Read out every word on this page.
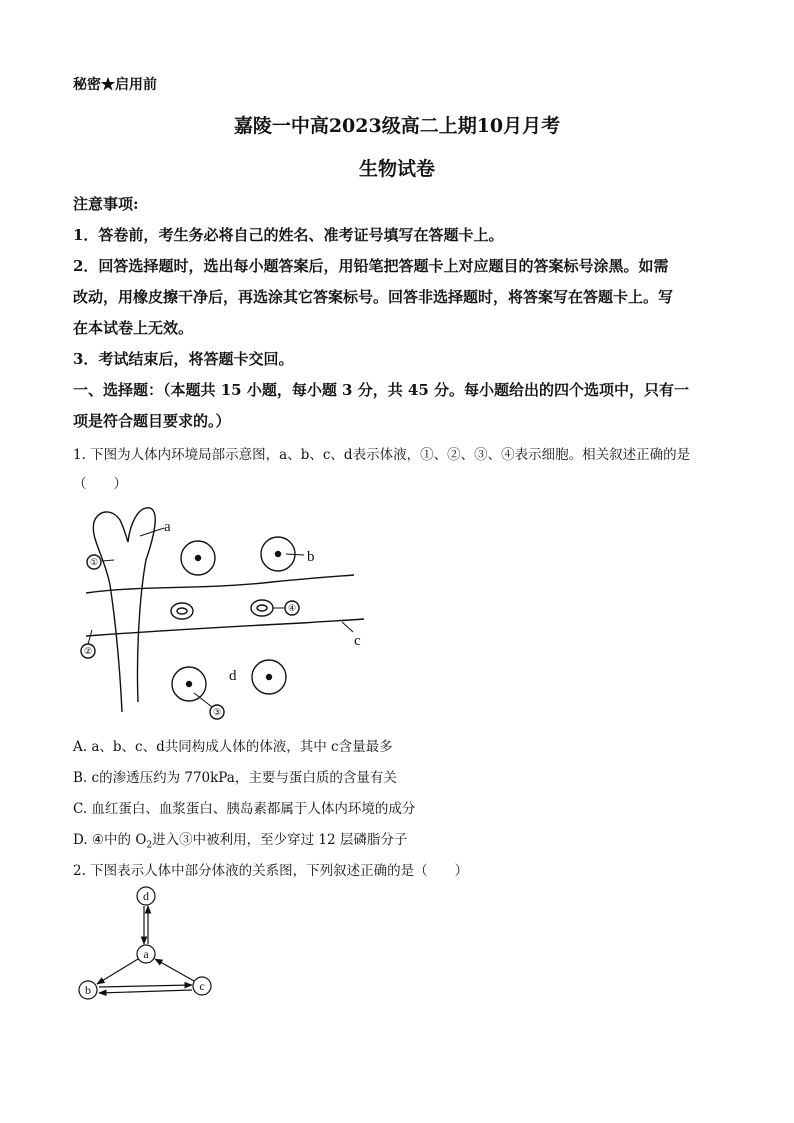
秘密★启用前
嘉陵一中高2023级高二上期10月月考
生物试卷
注意事项:
1．答卷前，考生务必将自己的姓名、准考证号填写在答题卡上。
2．回答选择题时，选出每小题答案后，用铅笔把答题卡上对应题目的答案标号涂黑。如需
改动，用橡皮擦干净后，再选涂其它答案标号。回答非选择题时，将答案写在答题卡上。写
在本试卷上无效。
3．考试结束后，将答题卡交回。
一、选择题：（本题共 15 小题，每小题 3 分，共 45 分。每小题给出的四个选项中，只有一
项是符合题目要求的。）
1. 下图为人体内环境局部示意图，a、b、c、d表示体液，①、②、③、④表示细胞。相关叙述正确的是
（　　）
a
b
c
d
①
②
③
④
A. a、b、c、d共同构成人体的体液，其中 c含量最多
B. c的渗透压约为 770kPa，主要与蛋白质的含量有关
C. 血红蛋白、血浆蛋白、胰岛素都属于人体内环境的成分
D. ④中的 $O_2$进入③中被利用，至少穿过 12 层磷脂分子
2. 下图表示人体中部分体液的关系图，下列叙述正确的是（　　）
d
a
b	c
